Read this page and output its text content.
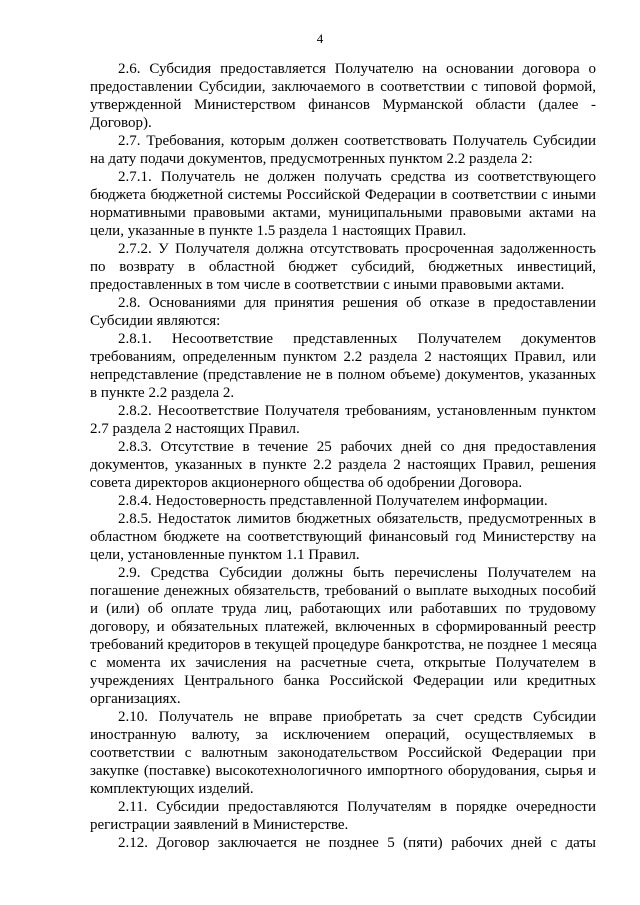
4

2.6. Субсидия предоставляется Получателю на основании договора о

предоставлении Субсидии, заключаемого в соответствии с типовой формой,

утвержденной Министерством финансов Мурманской области (далее -

Договор).

2.7. Требования, которым должен соответствовать Получатель Субсидии

на дату подачи документов, предусмотренных пунктом 2.2 раздела 2:

2.7.1. Получатель не должен получать средства из соответствующего

бюджета бюджетной системы Российской Федерации в соответствии с иными

нормативными правовыми актами, муниципальными правовыми актами на

цели, указанные в пункте 1.5 раздела 1 настоящих Правил.

2.7.2. У Получателя должна отсутствовать просроченная задолженность

по возврату в областной бюджет субсидий, бюджетных инвестиций,

предоставленных в том числе в соответствии с иными правовыми актами.

2.8. Основаниями для принятия решения об отказе в предоставлении

Субсидии являются:

2.8.1. Несоответствие представленных Получателем документов

требованиям, определенным пунктом 2.2 раздела 2 настоящих Правил, или

непредставление (представление не в полном объеме) документов, указанных

в пункте 2.2 раздела 2.

2.8.2. Несоответствие Получателя требованиям, установленным пунктом

2.7 раздела 2 настоящих Правил.

2.8.3. Отсутствие в течение 25 рабочих дней со дня предоставления

документов, указанных в пункте 2.2 раздела 2 настоящих Правил, решения

совета директоров акционерного общества об одобрении Договора.

2.8.4. Недостоверность представленной Получателем информации.

2.8.5. Недостаток лимитов бюджетных обязательств, предусмотренных в

областном бюджете на соответствующий финансовый год Министерству на

цели, установленные пунктом 1.1 Правил.

2.9. Средства Субсидии должны быть перечислены Получателем на

погашение денежных обязательств, требований о выплате выходных пособий

и (или) об оплате труда лиц, работающих или работавших по трудовому

договору, и обязательных платежей, включенных в сформированный реестр

требований кредиторов в текущей процедуре банкротства, не позднее 1 месяца

с момента их зачисления на расчетные счета, открытые Получателем в

учреждениях Центрального банка Российской Федерации или кредитных

организациях.

2.10. Получатель не вправе приобретать за счет средств Субсидии

иностранную валюту, за исключением операций, осуществляемых в

соответствии с валютным законодательством Российской Федерации при

закупке (поставке) высокотехнологичного импортного оборудования, сырья и

комплектующих изделий.

2.11. Субсидии предоставляются Получателям в порядке очередности

регистрации заявлений в Министерстве.

2.12. Договор заключается не позднее 5 (пяти) рабочих дней с даты
